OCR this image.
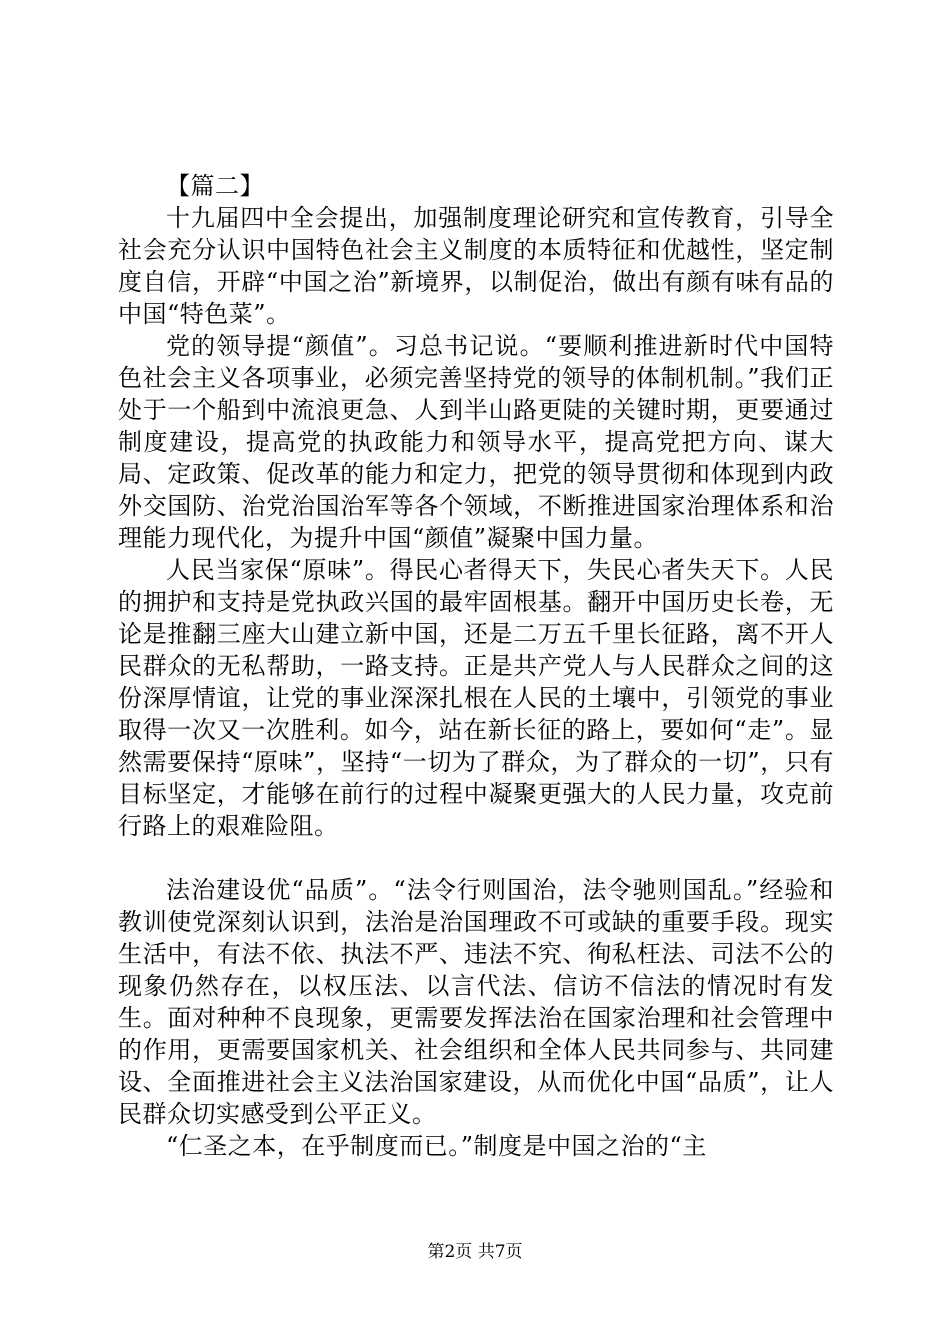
【篇二】

十九届四中全会提出，加强制度理论研究和宣传教育，引导全社会充分认识中国特色社会主义制度的本质特征和优越性，坚定制度自信，开辟“中国之治”新境界，以制促治，做出有颜有味有品的中国“特色菜”。

党的领导提“颜值”。习总书记说。“要顺利推进新时代中国特色社会主义各项事业，必须完善坚持党的领导的体制机制。”我们正处于一个船到中流浪更急、人到半山路更陡的关键时期，更要通过制度建设，提高党的执政能力和领导水平，提高党把方向、谋大局、定政策、促改革的能力和定力，把党的领导贯彻和体现到内政外交国防、治党治国治军等各个领域，不断推进国家治理体系和治理能力现代化，为提升中国“颜值”凝聚中国力量。

人民当家保“原味”。得民心者得天下，失民心者失天下。人民的拥护和支持是党执政兴国的最牢固根基。翻开中国历史长卷，无论是推翻三座大山建立新中国，还是二万五千里长征路，离不开人民群众的无私帮助，一路支持。正是共产党人与人民群众之间的这份深厚情谊，让党的事业深深扎根在人民的土壤中，引领党的事业取得一次又一次胜利。如今，站在新长征的路上，要如何“走”。显然需要保持“原味”，坚持“一切为了群众，为了群众的一切”，只有目标坚定，才能够在前行的过程中凝聚更强大的人民力量，攻克前行路上的艰难险阻。

法治建设优“品质”。“法令行则国治，法令驰则国乱。”经验和教训使党深刻认识到，法治是治国理政不可或缺的重要手段。现实生活中，有法不依、执法不严、违法不究、徇私枉法、司法不公的现象仍然存在，以权压法、以言代法、信访不信法的情况时有发生。面对种种不良现象，更需要发挥法治在国家治理和社会管理中的作用，更需要国家机关、社会组织和全体人民共同参与、共同建设、全面推进社会主义法治国家建设，从而优化中国“品质”，让人民群众切实感受到公平正义。

“仁圣之本，在乎制度而已。”制度是中国之治的“主

第2页 共7页
